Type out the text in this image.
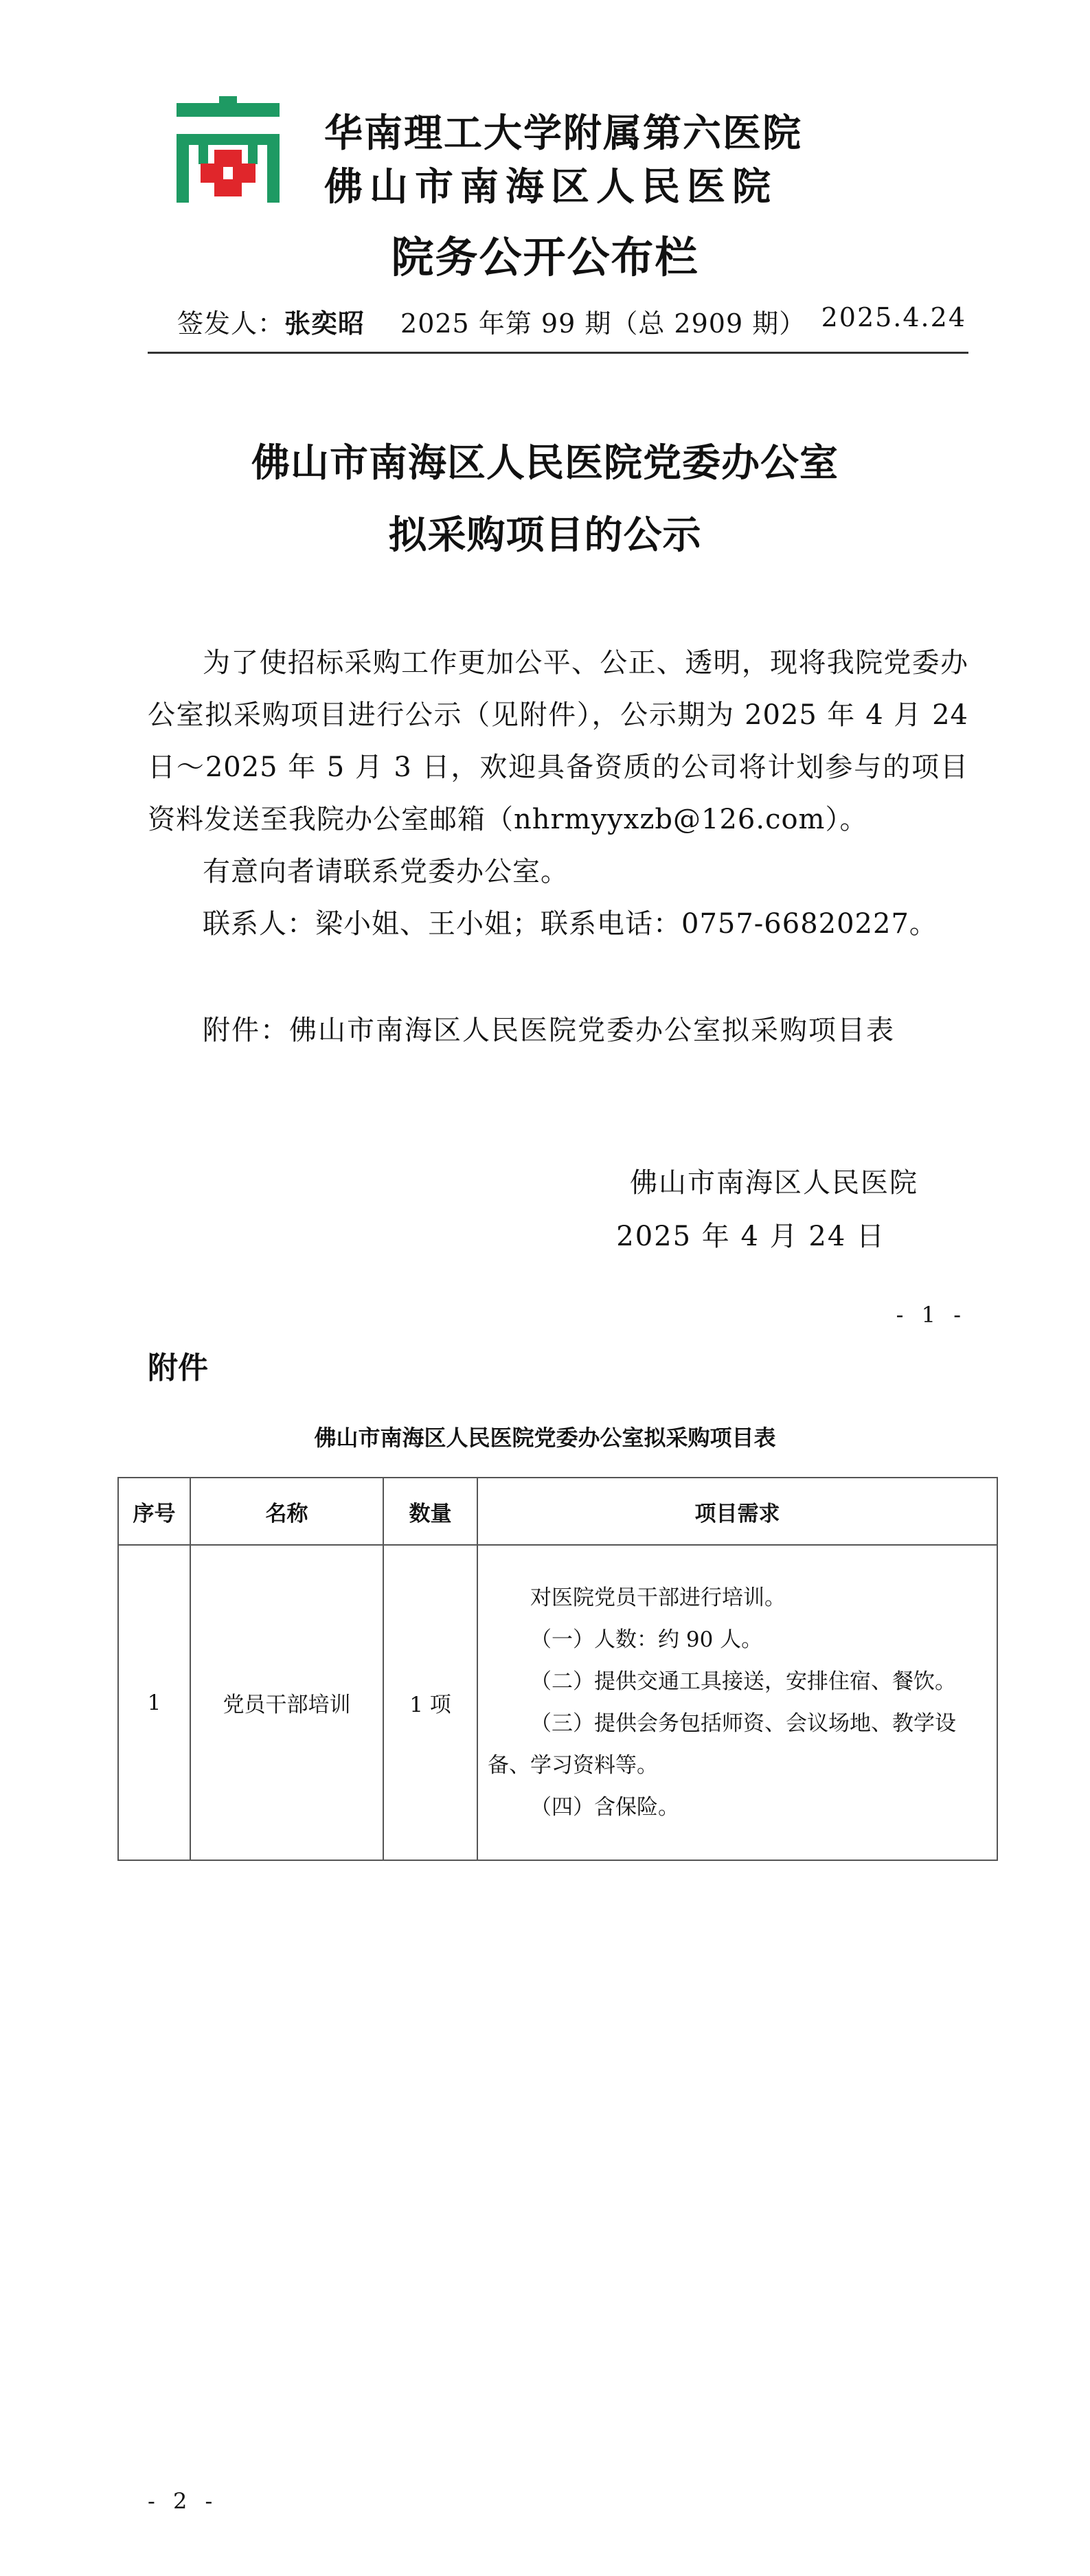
华南理工大学附属第六医院
佛山市南海区人民医院
院务公开公布栏
签发人：张奕昭 2025 年第 99 期（总 2909 期） 2025.4.24
佛山市南海区人民医院党委办公室
拟采购项目的公示

为了使招标采购工作更加公平、公正、透明，现将我院党委办公室拟采购项目进行公示（见附件），公示期为 2025 年 4 月 24 日～2025 年 5 月 3 日，欢迎具备资质的公司将计划参与的项目资料发送至我院办公室邮箱（nhrmyyxzb@126.com）。

有意向者请联系党委办公室。

联系人：梁小姐、王小姐；联系电话：0757-66820227。

附件：佛山市南海区人民医院党委办公室拟采购项目表
佛山市南海区人民医院
2025 年 4 月 24 日
- 1 -
附件
佛山市南海区人民医院党委办公室拟采购项目表
序号	名称	数量	项目需求
1	党员干部培训	1 项	对医院党员干部进行培训。
（一）人数：约 90 人。
（二）提供交通工具接送，安排住宿、餐饮。
（三）提供会务包括师资、会议场地、教学设备、学习资料等。
（四）含保险。
- 2 -
